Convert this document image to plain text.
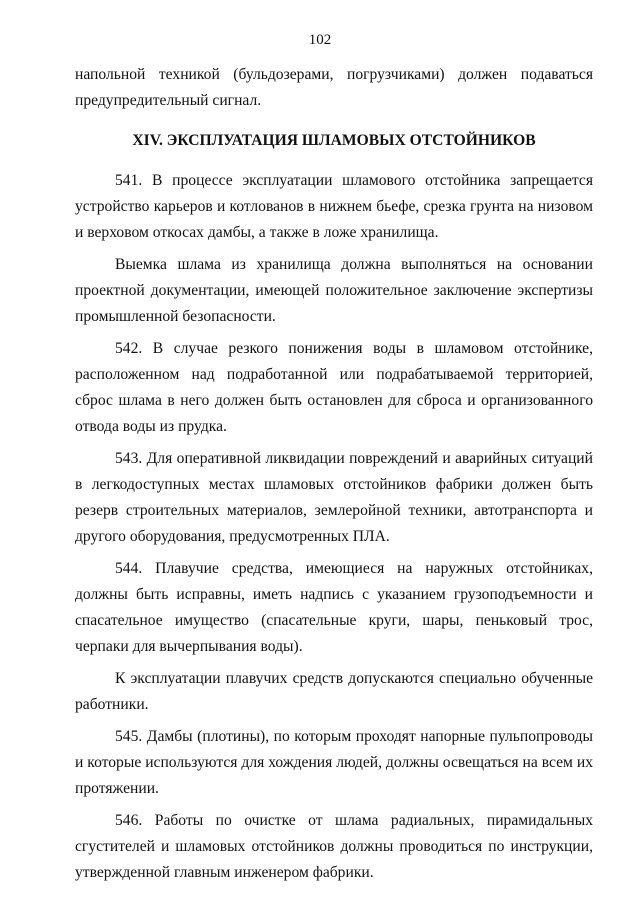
102

напольной техникой (бульдозерами, погрузчиками) должен подаваться предупредительный сигнал.

XIV. ЭКСПЛУАТАЦИЯ ШЛАМОВЫХ ОТСТОЙНИКОВ

541. В процессе эксплуатации шламового отстойника запрещается устройство карьеров и котлованов в нижнем бьефе, срезка грунта на низовом и верховом откосах дамбы, а также в ложе хранилища.

Выемка шлама из хранилища должна выполняться на основании проектной документации, имеющей положительное заключение экспертизы промышленной безопасности.

542. В случае резкого понижения воды в шламовом отстойнике, расположенном над подработанной или подрабатываемой территорией, сброс шлама в него должен быть остановлен для сброса и организованного отвода воды из прудка.

543. Для оперативной ликвидации повреждений и аварийных ситуаций в легкодоступных местах шламовых отстойников фабрики должен быть резерв строительных материалов, землеройной техники, автотранспорта и другого оборудования, предусмотренных ПЛА.

544. Плавучие средства, имеющиеся на наружных отстойниках, должны быть исправны, иметь надпись с указанием грузоподъемности и спасательное имущество (спасательные круги, шары, пеньковый трос, черпаки для вычерпывания воды).

К эксплуатации плавучих средств допускаются специально обученные работники.

545. Дамбы (плотины), по которым проходят напорные пульпопроводы и которые используются для хождения людей, должны освещаться на всем их протяжении.

546. Работы по очистке от шлама радиальных, пирамидальных сгустителей и шламовых отстойников должны проводиться по инструкции, утвержденной главным инженером фабрики.
